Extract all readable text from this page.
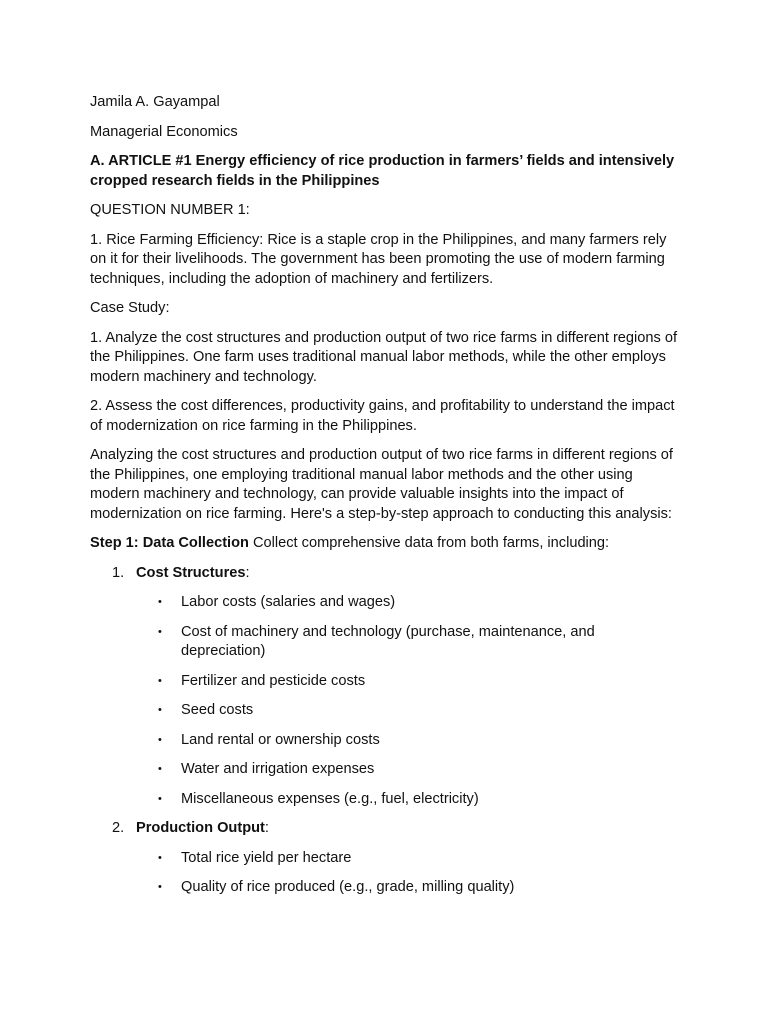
Jamila A. Gayampal

Managerial Economics

A. ARTICLE #1 Energy efficiency of rice production in farmers’ fields and intensively cropped research fields in the Philippines

QUESTION NUMBER 1:

1. Rice Farming Efficiency: Rice is a staple crop in the Philippines, and many farmers rely on it for their livelihoods. The government has been promoting the use of modern farming techniques, including the adoption of machinery and fertilizers.

Case Study:

1. Analyze the cost structures and production output of two rice farms in different regions of the Philippines. One farm uses traditional manual labor methods, while the other employs modern machinery and technology.

2. Assess the cost differences, productivity gains, and profitability to understand the impact of modernization on rice farming in the Philippines.

Analyzing the cost structures and production output of two rice farms in different regions of the Philippines, one employing traditional manual labor methods and the other using modern machinery and technology, can provide valuable insights into the impact of modernization on rice farming. Here's a step-by-step approach to conducting this analysis:

Step 1: Data Collection Collect comprehensive data from both farms, including:

1. Cost Structures:
• Labor costs (salaries and wages)
• Cost of machinery and technology (purchase, maintenance, and depreciation)
• Fertilizer and pesticide costs
• Seed costs
• Land rental or ownership costs
• Water and irrigation expenses
• Miscellaneous expenses (e.g., fuel, electricity)
2. Production Output:
• Total rice yield per hectare
• Quality of rice produced (e.g., grade, milling quality)
